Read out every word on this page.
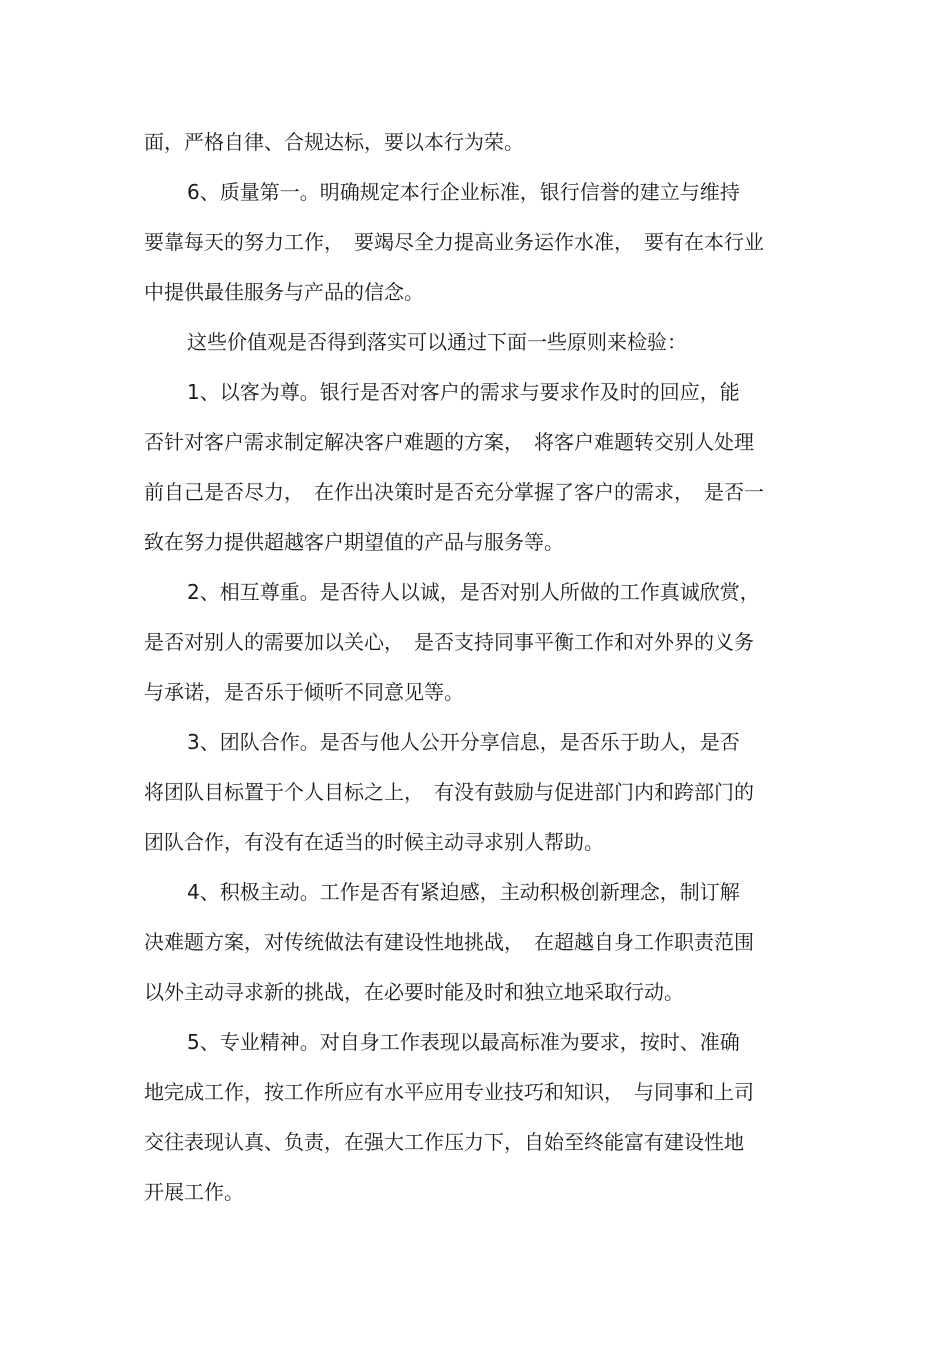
面，严格自律、合规达标，要以本行为荣。
6、质量第一。明确规定本行企业标准，银行信誉的建立与维持
要靠每天的努力工作，　要竭尽全力提高业务运作水准，　要有在本行业
中提供最佳服务与产品的信念。
这些价值观是否得到落实可以通过下面一些原则来检验：
1、以客为尊。银行是否对客户的需求与要求作及时的回应，能
否针对客户需求制定解决客户难题的方案，　将客户难题转交别人处理
前自己是否尽力，　在作出决策时是否充分掌握了客户的需求，　是否一
致在努力提供超越客户期望值的产品与服务等。
2、相互尊重。是否待人以诚，是否对别人所做的工作真诚欣赏，
是否对别人的需要加以关心，　是否支持同事平衡工作和对外界的义务
与承诺，是否乐于倾听不同意见等。
3、团队合作。是否与他人公开分享信息，是否乐于助人，是否
将团队目标置于个人目标之上，　有没有鼓励与促进部门内和跨部门的
团队合作，有没有在适当的时候主动寻求别人帮助。
4、积极主动。工作是否有紧迫感，主动积极创新理念，制订解
决难题方案，对传统做法有建设性地挑战，　在超越自身工作职责范围
以外主动寻求新的挑战，在必要时能及时和独立地采取行动。
5、专业精神。对自身工作表现以最高标准为要求，按时、准确
地完成工作，按工作所应有水平应用专业技巧和知识，　与同事和上司
交往表现认真、负责，在强大工作压力下，自始至终能富有建设性地
开展工作。
